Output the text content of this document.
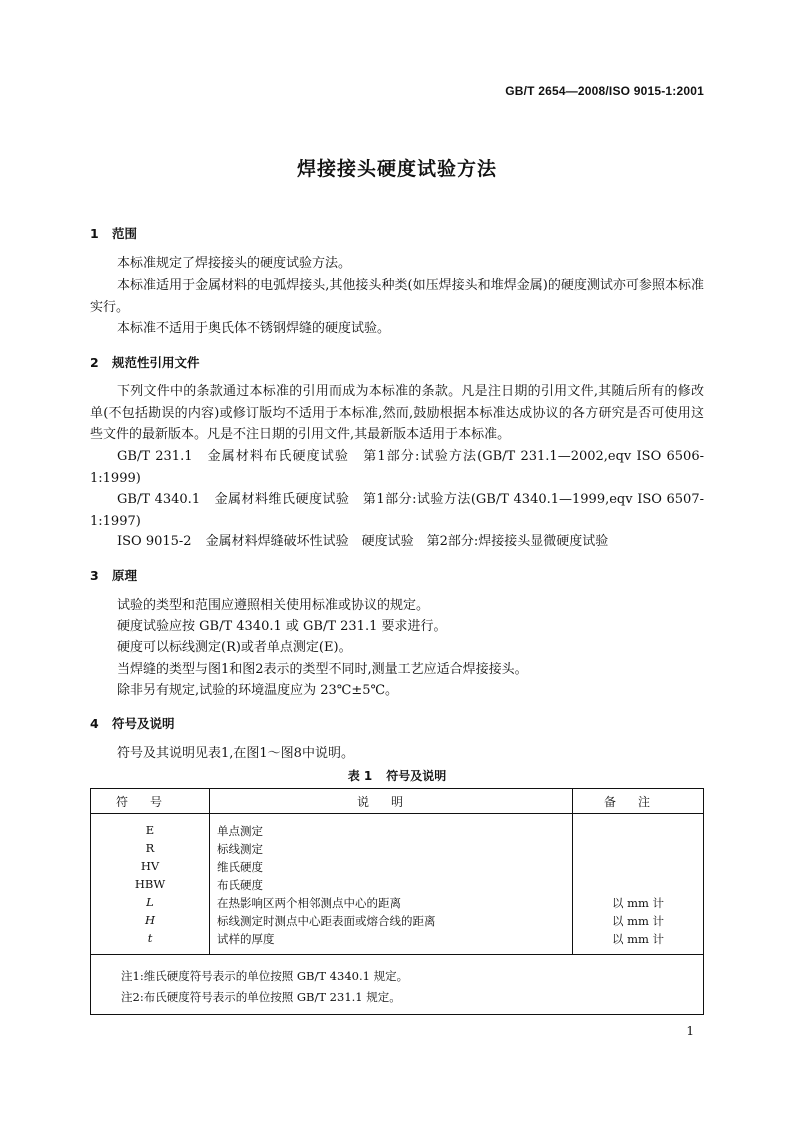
GB/T 2654—2008/ISO 9015-1:2001
焊接接头硬度试验方法
1 范围
本标准规定了焊接接头的硬度试验方法。
本标准适用于金属材料的电弧焊接头,其他接头种类(如压焊接头和堆焊金属)的硬度测试亦可参照本标准实行。
本标准不适用于奥氏体不锈钢焊缝的硬度试验。
2 规范性引用文件
下列文件中的条款通过本标准的引用而成为本标准的条款。凡是注日期的引用文件,其随后所有的修改单(不包括勘误的内容)或修订版均不适用于本标准,然而,鼓励根据本标准达成协议的各方研究是否可使用这些文件的最新版本。凡是不注日期的引用文件,其最新版本适用于本标准。
GB/T 231.1 金属材料布氏硬度试验　第1部分:试验方法(GB/T 231.1—2002,eqv ISO 6506-1:1999)
GB/T 4340.1 金属材料维氏硬度试验　第1部分:试验方法(GB/T 4340.1—1999,eqv ISO 6507-1:1997)
ISO 9015-2 金属材料焊缝破坏性试验　硬度试验　第2部分:焊接接头显微硬度试验
3 原理
试验的类型和范围应遵照相关使用标准或协议的规定。
硬度试验应按 GB/T 4340.1 或 GB/T 231.1 要求进行。
硬度可以标线测定(R)或者单点测定(E)。
当焊缝的类型与图1和图2表示的类型不同时,测量工艺应适合焊接接头。
除非另有规定,试验的环境温度应为 23℃±5℃。
4 符号及说明
符号及其说明见表1,在图1～图8中说明。
表 1 符号及说明
符号	说明	备注
E	单点测定
R	标线测定
HV	维氏硬度
HBW	布氏硬度
L	在热影响区两个相邻测点中心的距离	以 mm 计
H	标线测定时测点中心距表面或熔合线的距离	以 mm 计
t	试样的厚度	以 mm 计
注1:维氏硬度符号表示的单位按照 GB/T 4340.1 规定。
注2:布氏硬度符号表示的单位按照 GB/T 231.1 规定。
1
